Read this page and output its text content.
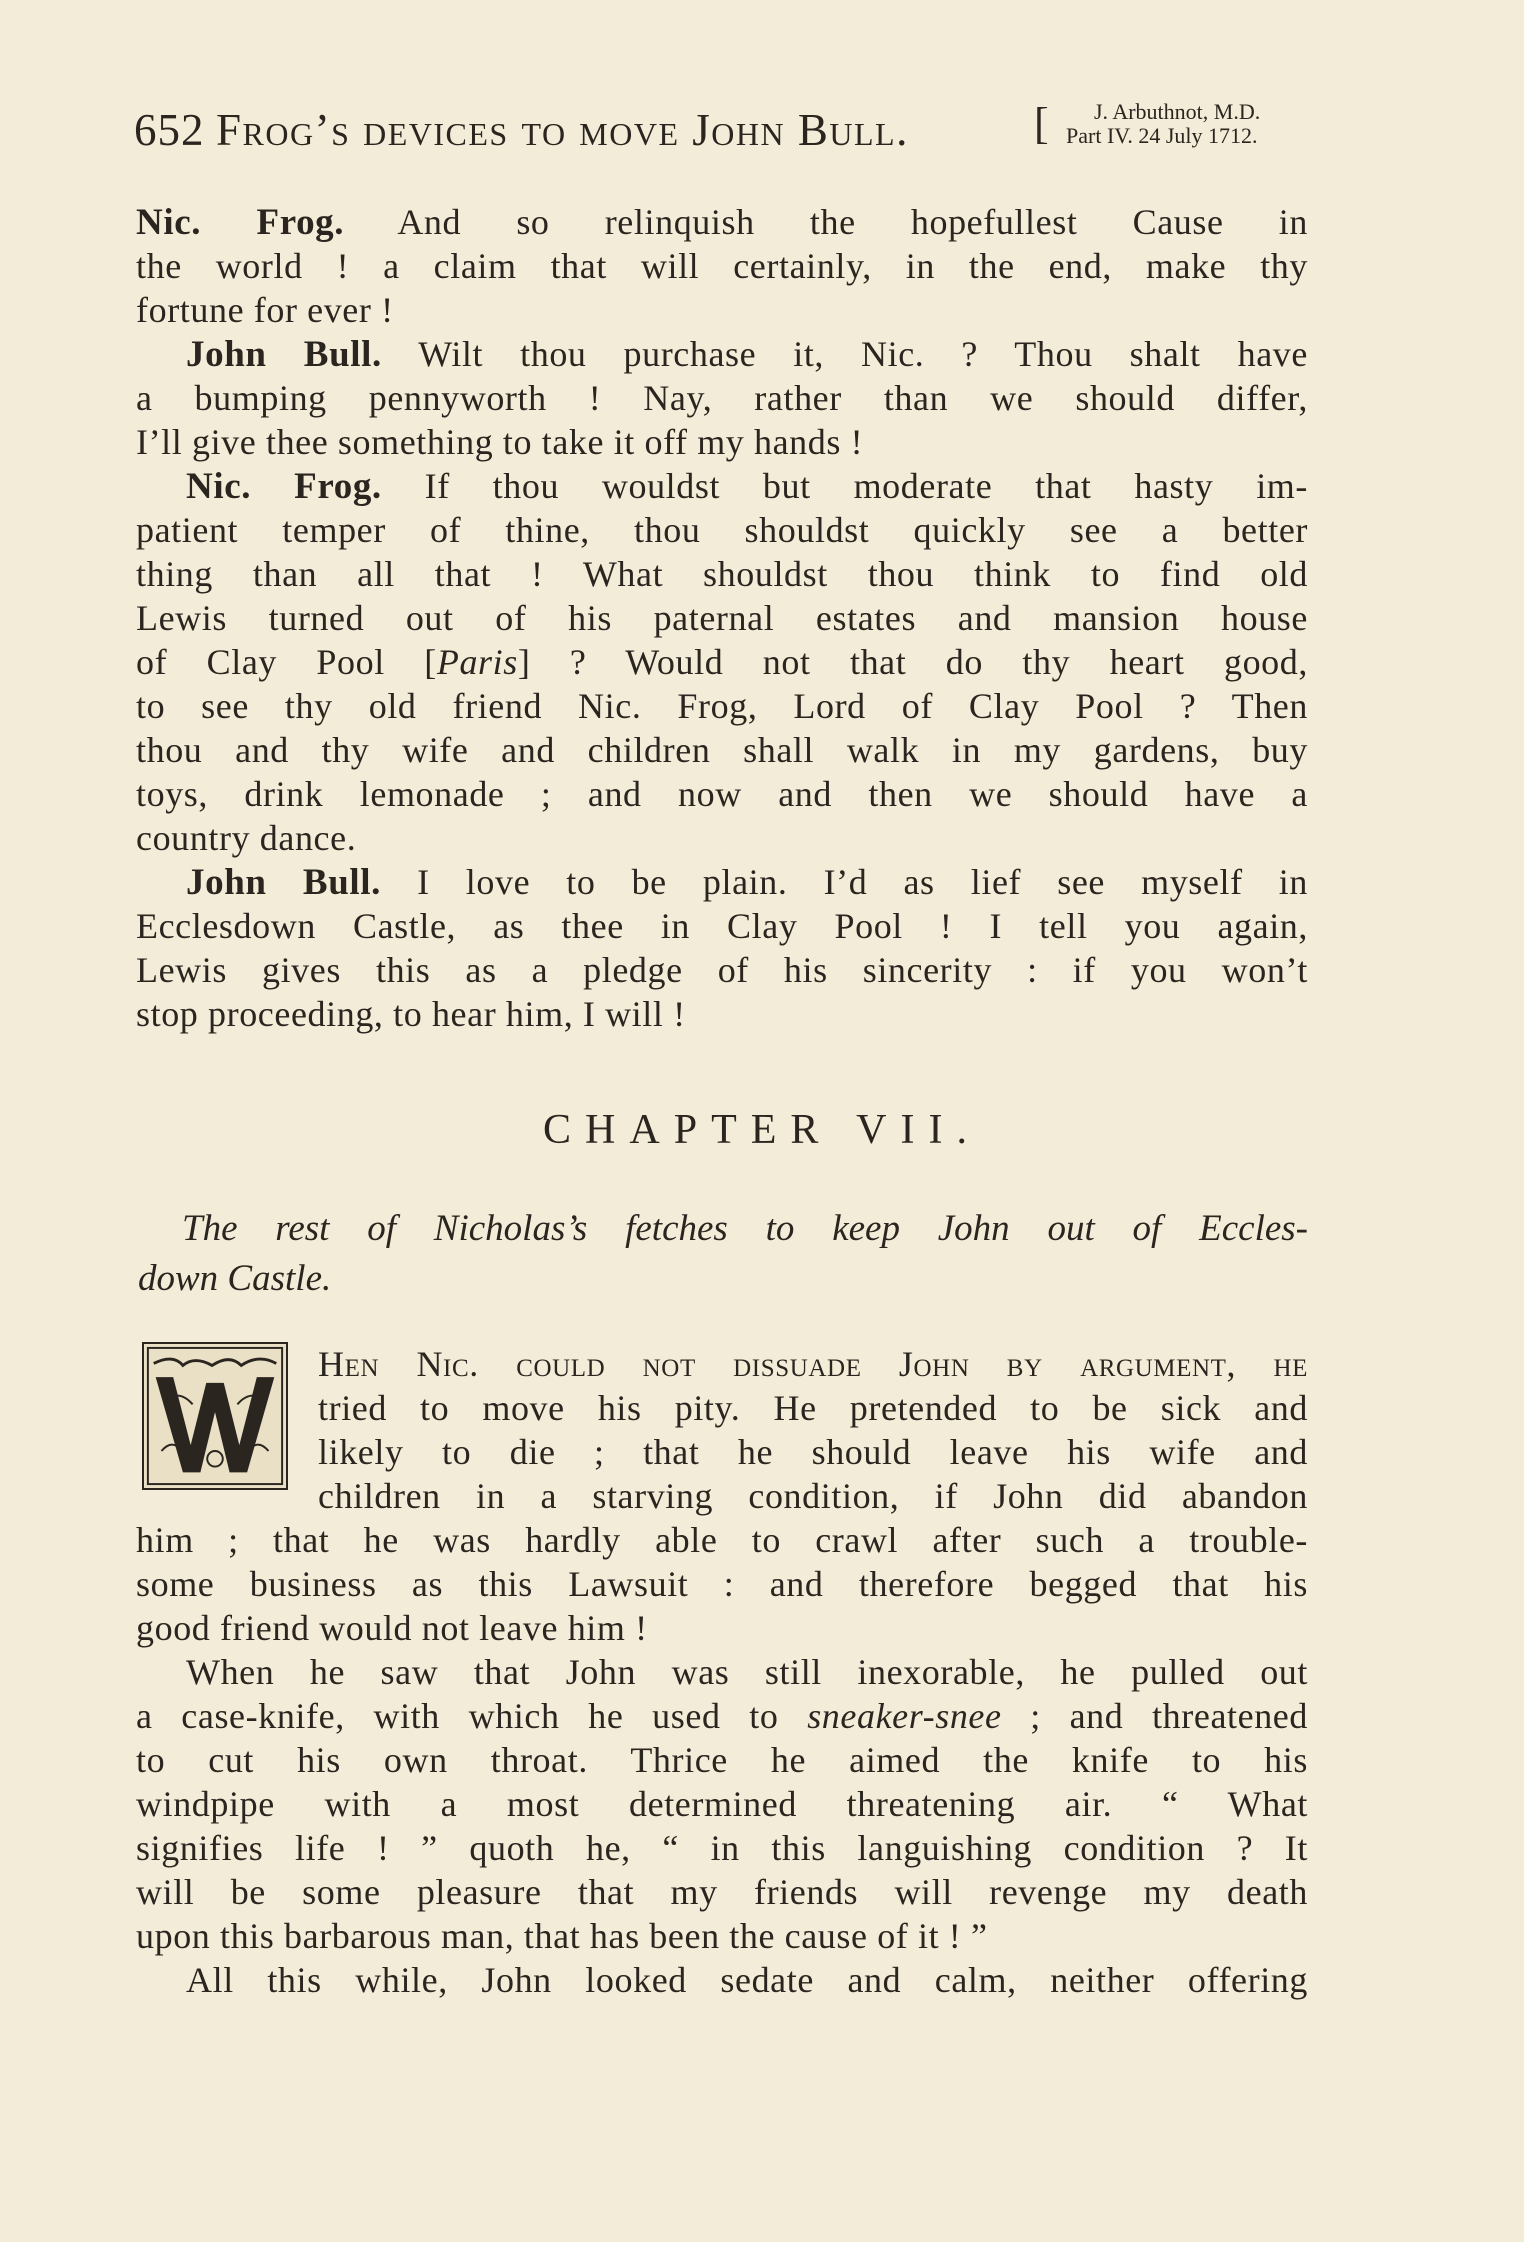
652 Frog’s devices to move John Bull.	[ J. Arbuthnot, M.D.
Part IV. 24 July 1712.
Nic. Frog. And so relinquish the hopefullest Cause in
the world ! a claim that will certainly, in the end, make thy
fortune for ever !
John Bull. Wilt thou purchase it, Nic. ? Thou shalt have
a bumping pennyworth ! Nay, rather than we should differ,
I’ll give thee something to take it off my hands !
Nic. Frog. If thou wouldst but moderate that hasty im-
patient temper of thine, thou shouldst quickly see a better
thing than all that ! What shouldst thou think to find old
Lewis turned out of his paternal estates and mansion house
of Clay Pool [Paris] ? Would not that do thy heart good,
to see thy old friend Nic. Frog, Lord of Clay Pool ? Then
thou and thy wife and children shall walk in my gardens, buy
toys, drink lemonade ; and now and then we should have a
country dance.
John Bull. I love to be plain. I’d as lief see myself in
Ecclesdown Castle, as thee in Clay Pool ! I tell you again,
Lewis gives this as a pledge of his sincerity : if you won’t
stop proceeding, to hear him, I will !
CHAPTER VII.
The rest of Nicholas’s fetches to keep John out of Eccles-
down Castle.
Hen Nic. could not dissuade John by argument, he
tried to move his pity. He pretended to be sick and
likely to die ; that he should leave his wife and
children in a starving condition, if John did abandon
him ; that he was hardly able to crawl after such a trouble-
some business as this Lawsuit : and therefore begged that his
good friend would not leave him !
When he saw that John was still inexorable, he pulled out
a case-knife, with which he used to sneaker-snee ; and threatened
to cut his own throat. Thrice he aimed the knife to his
windpipe with a most determined threatening air. “ What
signifies life ! ” quoth he, “ in this languishing condition ? It
will be some pleasure that my friends will revenge my death
upon this barbarous man, that has been the cause of it ! ”
All this while, John looked sedate and calm, neither offering
